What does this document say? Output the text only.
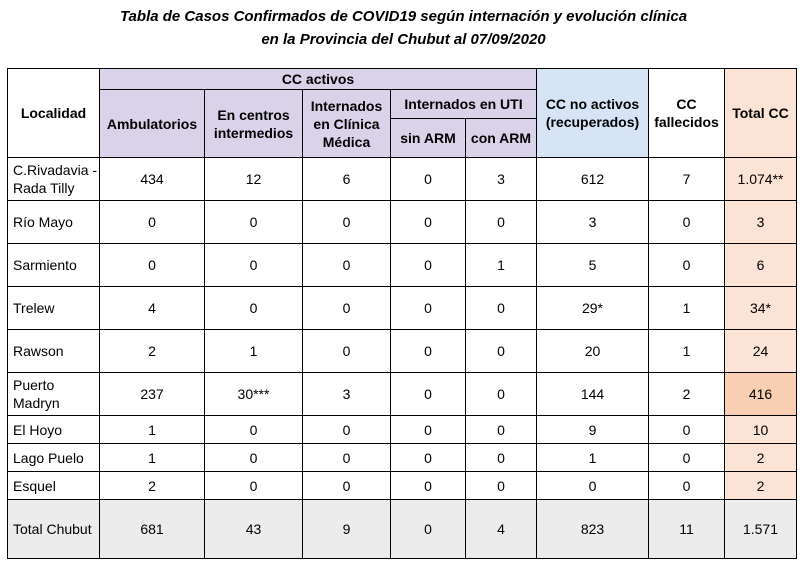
Tabla de Casos Confirmados de COVID19 según internación y evolución clínica
en la Provincia del Chubut al 07/09/2020
Localidad	CC activos					CC no activos (recuperados)	CC fallecidos	Total CC
	Ambulatorios	En centros intermedios	Internados en Clínica Médica	Internados en UTI				
				sin ARM	con ARM			
C.Rivadavia - Rada Tilly	434	12	6	0	3	612	7	1.074**
Río Mayo	0	0	0	0	0	3	0	3
Sarmiento	0	0	0	0	1	5	0	6
Trelew	4	0	0	0	0	29*	1	34*
Rawson	2	1	0	0	0	20	1	24
Puerto Madryn	237	30***	3	0	0	144	2	416
El Hoyo	1	0	0	0	0	9	0	10
Lago Puelo	1	0	0	0	0	1	0	2
Esquel	2	0	0	0	0	0	0	2
Total Chubut	681	43	9	0	4	823	11	1.571
